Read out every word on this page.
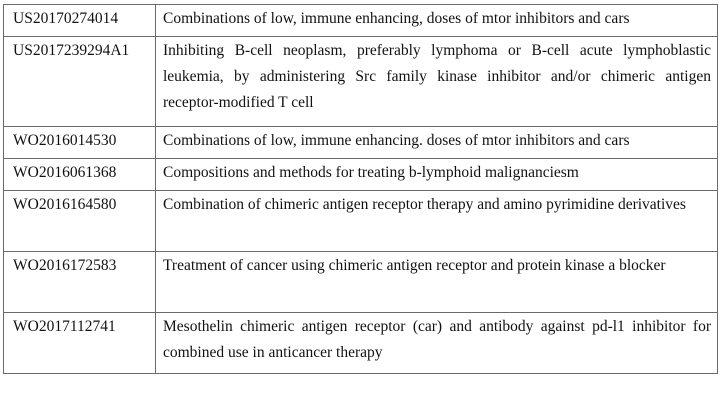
US20170274014	Combinations of low, immune enhancing, doses of mtor inhibitors and cars
US2017239294A1	Inhibiting B-cell neoplasm, preferably lymphoma or B-cell acute lymphoblastic leukemia, by administering Src family kinase inhibitor and/or chimeric antigen receptor-modified T cell
WO2016014530	Combinations of low, immune enhancing. doses of mtor inhibitors and cars
WO2016061368	Compositions and methods for treating b-lymphoid malignanciesm
WO2016164580	Combination of chimeric antigen receptor therapy and amino pyrimidine derivatives
WO2016172583	Treatment of cancer using chimeric antigen receptor and protein kinase a blocker
WO2017112741	Mesothelin chimeric antigen receptor (car) and antibody against pd-l1 inhibitor for combined use in anticancer therapy
